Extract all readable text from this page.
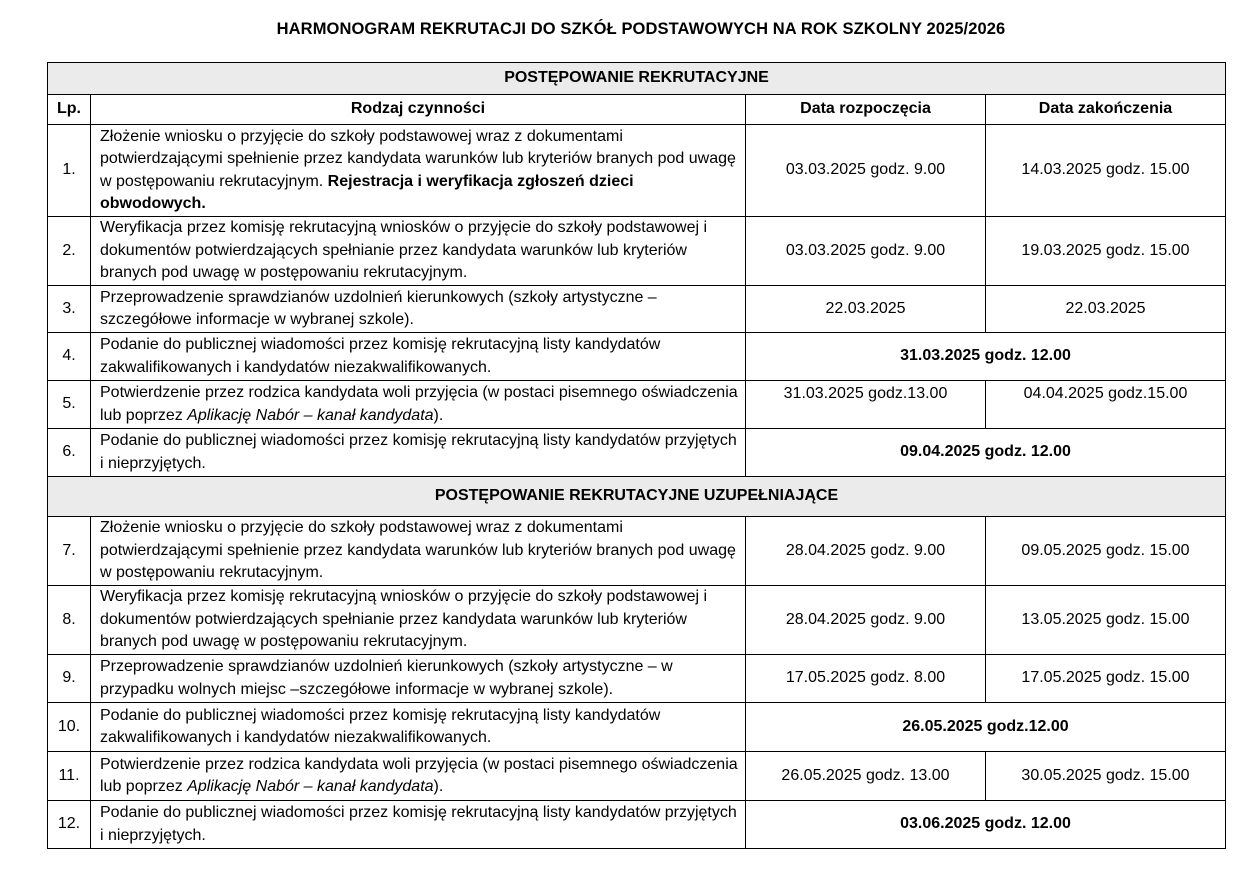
HARMONOGRAM REKRUTACJI DO SZKÓŁ PODSTAWOWYCH NA ROK SZKOLNY 2025/2026
POSTĘPOWANIE REKRUTACYJNE			
Lp.	Rodzaj czynności	Data rozpoczęcia	Data zakończenia
1.	Złożenie wniosku o przyjęcie do szkoły podstawowej wraz z dokumentami potwierdzającymi spełnienie przez kandydata warunków lub kryteriów branych pod uwagę w postępowaniu rekrutacyjnym. Rejestracja i weryfikacja zgłoszeń dzieci obwodowych.	03.03.2025 godz. 9.00	14.03.2025 godz. 15.00
2.	Weryfikacja przez komisję rekrutacyjną wniosków o przyjęcie do szkoły podstawowej i dokumentów potwierdzających spełnianie przez kandydata warunków lub kryteriów branych pod uwagę w postępowaniu rekrutacyjnym.	03.03.2025 godz. 9.00	19.03.2025 godz. 15.00
3.	Przeprowadzenie sprawdzianów uzdolnień kierunkowych (szkoły artystyczne – szczegółowe informacje w wybranej szkole).	22.03.2025	22.03.2025
4.	Podanie do publicznej wiadomości przez komisję rekrutacyjną listy kandydatów zakwalifikowanych i kandydatów niezakwalifikowanych.	31.03.2025 godz. 12.00	
5.	Potwierdzenie przez rodzica kandydata woli przyjęcia (w postaci pisemnego oświadczenia lub poprzez Aplikację Nabór – kanał kandydata).	31.03.2025 godz.13.00	04.04.2025 godz.15.00
6.	Podanie do publicznej wiadomości przez komisję rekrutacyjną listy kandydatów przyjętych i nieprzyjętych.	09.04.2025 godz. 12.00	
POSTĘPOWANIE REKRUTACYJNE UZUPEŁNIAJĄCE			
7.	Złożenie wniosku o przyjęcie do szkoły podstawowej wraz z dokumentami potwierdzającymi spełnienie przez kandydata warunków lub kryteriów branych pod uwagę w postępowaniu rekrutacyjnym.	28.04.2025 godz. 9.00	09.05.2025 godz. 15.00
8.	Weryfikacja przez komisję rekrutacyjną wniosków o przyjęcie do szkoły podstawowej i dokumentów potwierdzających spełnianie przez kandydata warunków lub kryteriów branych pod uwagę w postępowaniu rekrutacyjnym.	28.04.2025 godz. 9.00	13.05.2025 godz. 15.00
9.	Przeprowadzenie sprawdzianów uzdolnień kierunkowych (szkoły artystyczne – w przypadku wolnych miejsc –szczegółowe informacje w wybranej szkole).	17.05.2025 godz. 8.00	17.05.2025 godz. 15.00
10.	Podanie do publicznej wiadomości przez komisję rekrutacyjną listy kandydatów zakwalifikowanych i kandydatów niezakwalifikowanych.	26.05.2025 godz.12.00	
11.	Potwierdzenie przez rodzica kandydata woli przyjęcia (w postaci pisemnego oświadczenia lub poprzez Aplikację Nabór – kanał kandydata).	26.05.2025 godz. 13.00	30.05.2025 godz. 15.00
12.	Podanie do publicznej wiadomości przez komisję rekrutacyjną listy kandydatów przyjętych i nieprzyjętych.	03.06.2025 godz. 12.00	
